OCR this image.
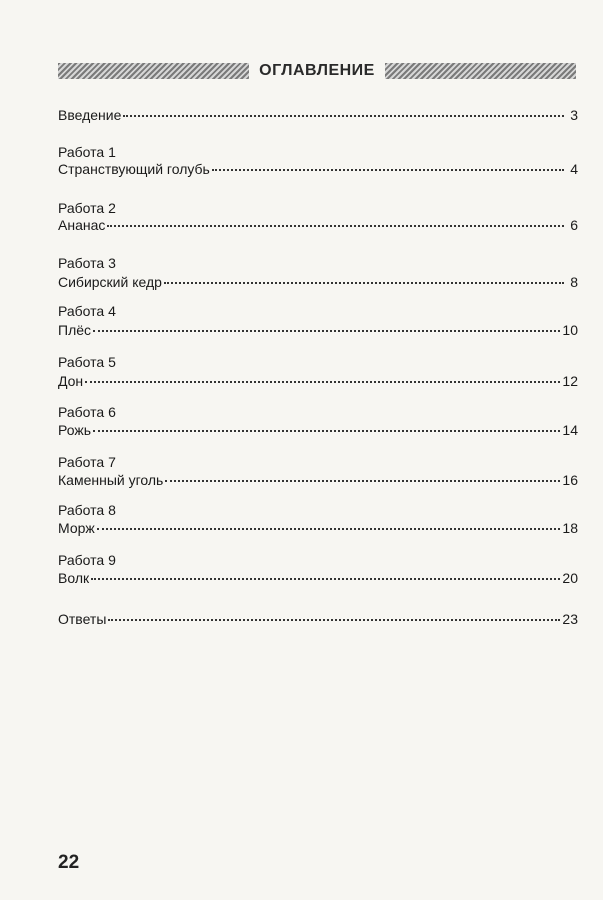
ОГЛАВЛЕНИЕ
Введение	3
Работа 1
Странствующий голубь	4
Работа 2
Ананас	6
Работа 3
Сибирский кедр	8
Работа 4
Плёс	10
Работа 5
Дон	12
Работа 6
Рожь	14
Работа 7
Каменный уголь	16
Работа 8
Морж	18
Работа 9
Волк	20
Ответы	23
22
